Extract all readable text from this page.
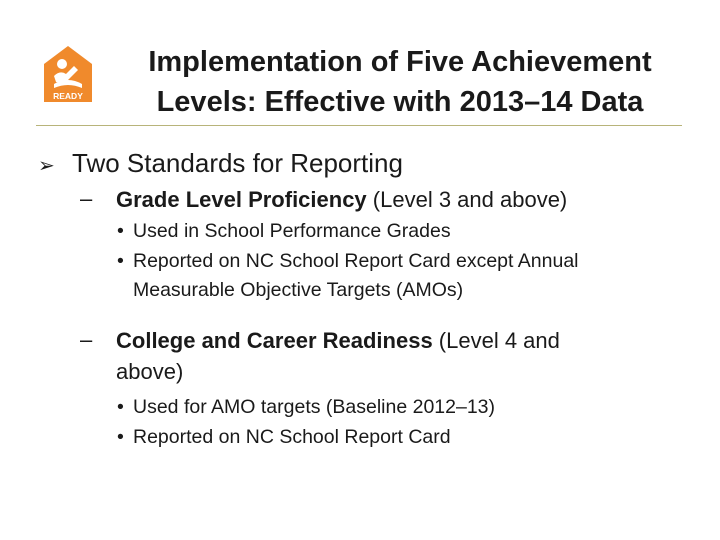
READY
Implementation of Five Achievement
Levels: Effective with 2013–14 Data
➢ Two Standards for Reporting
– Grade Level Proficiency (Level 3 and above)
• Used in School Performance Grades
• Reported on NC School Report Card except Annual
Measurable Objective Targets (AMOs)
– College and Career Readiness (Level 4 and
above)
• Used for AMO targets (Baseline 2012–13)
• Reported on NC School Report Card
